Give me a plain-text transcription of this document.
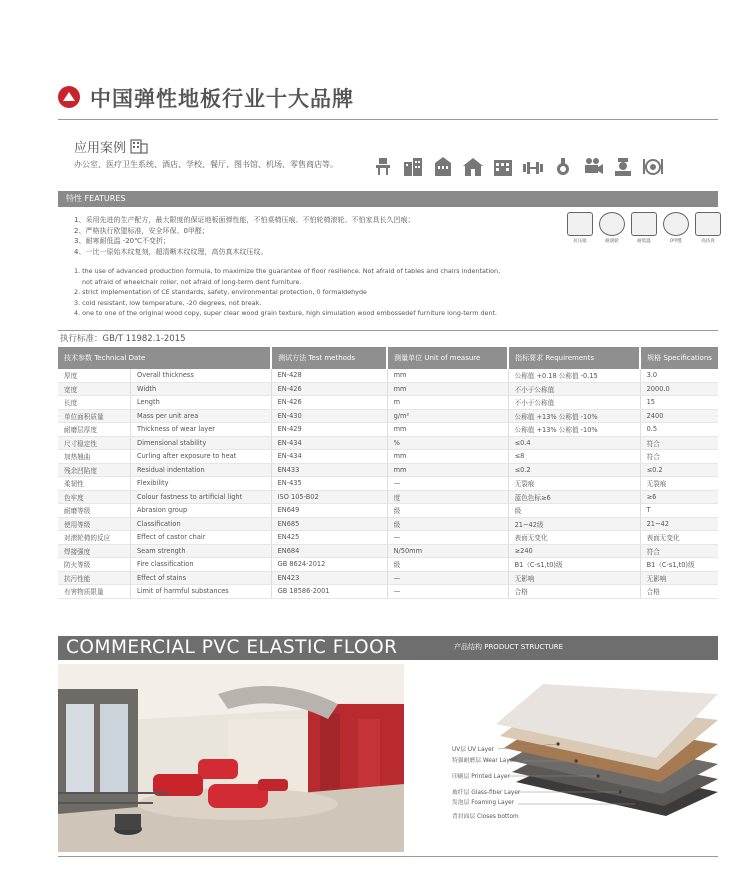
中国弹性地板行业十大品牌
应用案例
办公室、医疗卫生系统、酒店、学校、餐厅、图书馆、机场、零售商店等。
特性 FEATURES
1、采用先进的生产配方，最大限度的保证地板面弹性能，不怕桌椅压痕、不怕轮椅滚轮、不怕家具长久凹痕；
2、严格执行欧盟标准，安全环保、0甲醛；
3、耐寒耐低温 -20℃不变折；
4、一比一原始木纹复刻，超清晰木纹纹理，高仿真木纹压纹。
1. the use of advanced production formula, to maximize the guarantee of floor resilience. Not afraid of tables and chairs indentation,
not afraid of wheelchair roller, not afraid of long-term dent furniture.
2. strict implementation of CE standards, safety, environmental protection, 0 formaldehyde
3. cold resistant, low temperature, -20 degrees, not break.
4. one to one of the original wood copy, super clear wood grain texture, high simulation wood embossedef furniture long-term dent.
抗压痕	耐滚轮	耐低温	0甲醛	高仿真
执行标准：GB/T 11982.1-2015
技术参数 Technical Date		测试方法 Test methods	测量单位 Unit of measure	指标要求 Requirements	规格 Specifications
厚度	Overall thickness	EN-428	mm	公称值 +0.18 公称值 -0.15	3.0
宽度	Width	EN-426	mm	不小于公称值	2000.0
长度	Length	EN-426	m	不小于公称值	15
单位面积质量	Mass per unit area	EN-430	g/m²	公称值 +13% 公称值 -10%	2400
耐磨层厚度	Thickness of wear layer	EN-429	mm	公称值 +13% 公称值 -10%	0.5
尺寸稳定性	Dimensional stability	EN-434	%	≤0.4	符合
加热翘曲	Curling after exposure to heat	EN-434	mm	≤8	符合
残余凹陷度	Residual indentation	EN433	mm	≤0.2	≤0.2
柔韧性	Flexibility	EN-435	—	无裂痕	无裂痕
色牢度	Colour fastness to artificial light	ISO 105-B02	度	蓝色色标≥6	≥6
耐磨等级	Abrasion group	EN649	级	级	T
使用等级	Classification	EN685	级	21~42级	21~42
对滚轮椅的反应	Effect of castor chair	EN425	—	表面无变化	表面无变化
焊接强度	Seam strength	EN684	N/50mm	≥240	符合
防火等级	Fire classification	GB 8624-2012	级	B1（C-s1,t0)级	B1（C-s1,t0)级
抗污性能	Effect of stains	EN423	—	无影响	无影响
有害物质限量	Limit of harmful substances	GB 18586-2001	—	合格	合格
COMMERCIAL PVC ELASTIC FLOOR	产品结构 PRODUCT STRUCTURE
UV层 UV Layer
特强耐磨层 Wear Layer
印刷层 Printed Layer
玻纤层 Glass-fiber Layer
发泡层 Foaming Layer
背封面层 Closes bottom
